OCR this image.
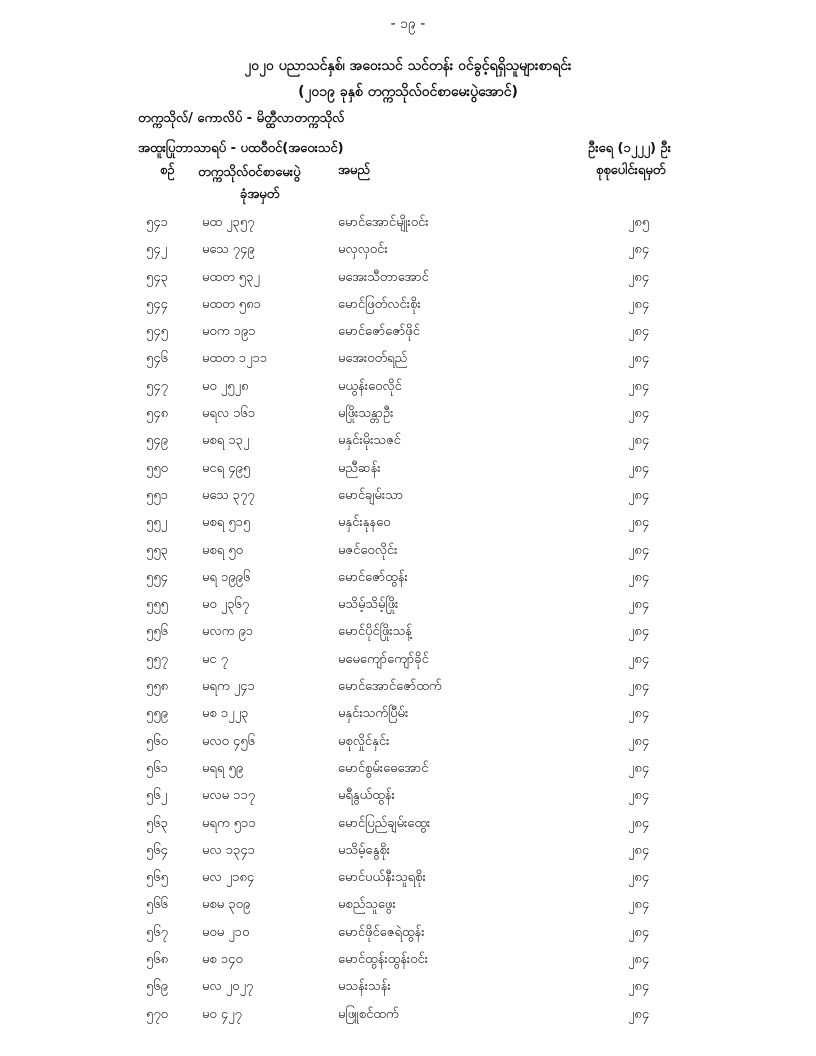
- ၁၉ -
၂၀၂၀ ပညာသင်နှစ်၊ အဝေးသင် သင်တန်း ဝင်ခွင့်ရရှိသူများစာရင်း
(၂၀၁၉ ခုနှစ် တက္ကသိုလ်ဝင်စာမေးပွဲအောင်)
တက္ကသိုလ်/ ကောလိပ် - မိတ္ထီလာတက္ကသိုလ်
အထူးပြုဘာသာရပ် - ပထဝီဝင်(အဝေးသင်)	ဦးရေ (၁၂၂၂) ဦး
စဉ် တက္ကသိုလ်ဝင်စာမေးပွဲ
ခုံအမှတ်
အမည်	စုစုပေါင်းရမှတ်
၅၄၁	မထ ၂၃၅၇	မောင်အောင်မျိုးဝင်း	၂၈၅
၅၄၂	မသေ ၇၄၉	မလှလှဝင်း	၂၈၄
၅၄၃	မထတ ၅၃၂	မအေးသီတာအောင်	၂၈၄
၅၄၄	မထတ ၅၈၁	မောင်ဖြတ်လင်းစိုး	၂၈၄
၅၄၅	မဝက ၁၉၁	မောင်ဇော်ဇော်ဖိုင်	၂၈၄
၅၄၆	မထတ ၁၂၁၁	မအေးဝတ်ရည်	၂၈၄
၅၄၇	မဝ ၂၅၂၈	မယွန်းဝေလိုင်	၂၈၄
၅၄၈	မရလ ၁၆၁	မဖြိုးသန္တာဦး	၂၈၄
၅၄၉	မစရ ၁၃၂	မနှင်းမိုးသဇင်	၂၈၄
၅၅၀	မငရ ၄၉၅	မညီဆန်း	၂၈၄
၅၅၁	မသေ ၃၇၇	မောင်ချမ်းသာ	၂၈၄
၅၅၂	မစရ ၅၁၅	မနှင်းနုနဝေ	၂၈၄
၅၅၃	မစရ ၅၀	မဇင်ဝေလိုင်း	၂၈၄
၅၅၄	မရ ၁၉၉၆	မောင်ဇော်ထွန်း	၂၈၄
၅၅၅	မဝ ၂၃၆၇	မသိမ့်သိမ့်ဖြိုး	၂၈၄
၅၅၆	မလက ၉၁	မောင်ပိုင်ဖြိုးသန့်	၂၈၄
၅၅၇	မင ၇	မမေကျော်ကျော်ခိုင်	၂၈၄
၅၅၈	မရက ၂၄၁	မောင်အောင်ဇော်ထက်	၂၈၄
၅၅၉	မစ ၁၂၂၃	မနှင်းသက်ပြီမ်း	၂၈၄
၅၆၀	မလဝ ၄၅၆	မစုလှိုင်နှင်း	၂၈၄
၅၆၁	မရရ ၅၉	မောင်စွမ်းဓေအောင်	၂၈၄
၅၆၂	မလမ ၁၁၇	မရီနွယ်ထွန်း	၂၈၄
၅၆၃	မရက ၅၁၁	မောင်ပြည်ချမ်းထွေး	၂၈၄
၅၆၄	မလ ၁၃၄၁	မသိမ့်နွေစိုး	၂၈၄
၅၆၅	မလ ၂၁၈၄	မောင်ပယ်နီးသူရစိုး	၂၈၄
၅၆၆	မစမ ၃၀၉	မစည်သူဖွေး	၂၈၄
၅၆၇	မဝမ ၂၁၀	မောင်ဖိုင်ဇေရဲထွန်း	၂၈၄
၅၆၈	မစ ၁၄၀	မောင်ထွန်းထွန်းဝင်း	၂၈၄
၅၆၉	မလ ၂၀၂၇	မသန်းသန်း	၂၈၄
၅၇၀	မဝ ၄၂၇	မဖြူစင်ထက်	၂၈၄
